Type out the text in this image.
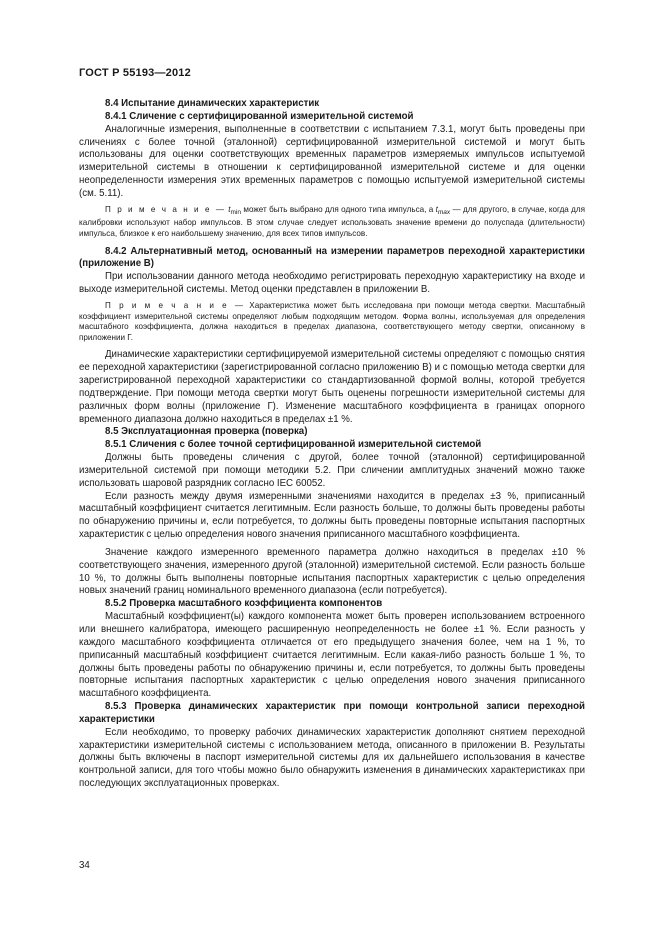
ГОСТ Р 55193—2012

8.4 Испытание динамических характеристик

8.4.1 Сличение с сертифицированной измерительной системой

Аналогичные измерения, выполненные в соответствии с испытанием 7.3.1, могут быть проведены при сличениях с более точной (эталонной) сертифицированной измерительной системой и могут быть использованы для оценки соответствующих временных параметров измеряемых импульсов испытуемой измерительной системы в отношении к сертифицированной измерительной системе и для оценки неопределенности измерения этих временных параметров с помощью испытуемой измерительной системы (см. 5.11).

П р и м е ч а н и е — $t_{min}$ может быть выбрано для одного типа импульса, а $t_{max}$ — для другого, в случае, когда для калибровки используют набор импульсов. В этом случае следует использовать значение времени до полуспада (длительности) импульса, близкое к его наибольшему значению, для всех типов импульсов.

8.4.2 Альтернативный метод, основанный на измерении параметров переходной характеристики (приложение В)

При использовании данного метода необходимо регистрировать переходную характеристику на входе и выходе измерительной системы. Метод оценки представлен в приложении В.

П р и м е ч а н и е — Характеристика может быть исследована при помощи метода свертки. Масштабный коэффициент измерительной системы определяют любым подходящим методом. Форма волны, используемая для определения масштабного коэффициента, должна находиться в пределах диапазона, соответствующего методу свертки, описанному в приложении Г.

Динамические характеристики сертифицируемой измерительной системы определяют с помощью снятия ее переходной характеристики (зарегистрированной согласно приложению В) и с помощью метода свертки для зарегистрированной переходной характеристики со стандартизованной формой волны, которой требуется подтверждение. При помощи метода свертки могут быть оценены погрешности измерительной системы для различных форм волны (приложение Г). Изменение масштабного коэффициента в границах опорного временного диапазона должно находиться в пределах ±1 %.

8.5 Эксплуатационная проверка (поверка)

8.5.1 Сличения с более точной сертифицированной измерительной системой

Должны быть проведены сличения с другой, более точной (эталонной) сертифицированной измерительной системой при помощи методики 5.2. При сличении амплитудных значений можно также использовать шаровой разрядник согласно IEC 60052.

Если разность между двумя измеренными значениями находится в пределах ±3 %, приписанный масштабный коэффициент считается легитимным. Если разность больше, то должны быть проведены работы по обнаружению причины и, если потребуется, то должны быть проведены повторные испытания паспортных характеристик с целью определения нового значения приписанного масштабного коэффициента.

Значение каждого измеренного временного параметра должно находиться в пределах ±10 % соответствующего значения, измеренного другой (эталонной) измерительной системой. Если разность больше 10 %, то должны быть выполнены повторные испытания паспортных характеристик с целью определения новых значений границ номинального временного диапазона (если потребуется).

8.5.2 Проверка масштабного коэффициента компонентов

Масштабный коэффициент(ы) каждого компонента может быть проверен использованием встроенного или внешнего калибратора, имеющего расширенную неопределенность не более ±1 %. Если разность у каждого масштабного коэффициента отличается от его предыдущего значения более, чем на 1 %, то приписанный масштабный коэффициент считается легитимным. Если какая-либо разность больше 1 %, то должны быть проведены работы по обнаружению причины и, если потребуется, то должны быть проведены повторные испытания паспортных характеристик с целью определения нового значения приписанного масштабного коэффициента.

8.5.3 Проверка динамических характеристик при помощи контрольной записи переходной характеристики

Если необходимо, то проверку рабочих динамических характеристик дополняют снятием переходной характеристики измерительной системы с использованием метода, описанного в приложении В. Результаты должны быть включены в паспорт измерительной системы для их дальнейшего использования в качестве контрольной записи, для того чтобы можно было обнаружить изменения в динамических характеристиках при последующих эксплуатационных проверках.

34
